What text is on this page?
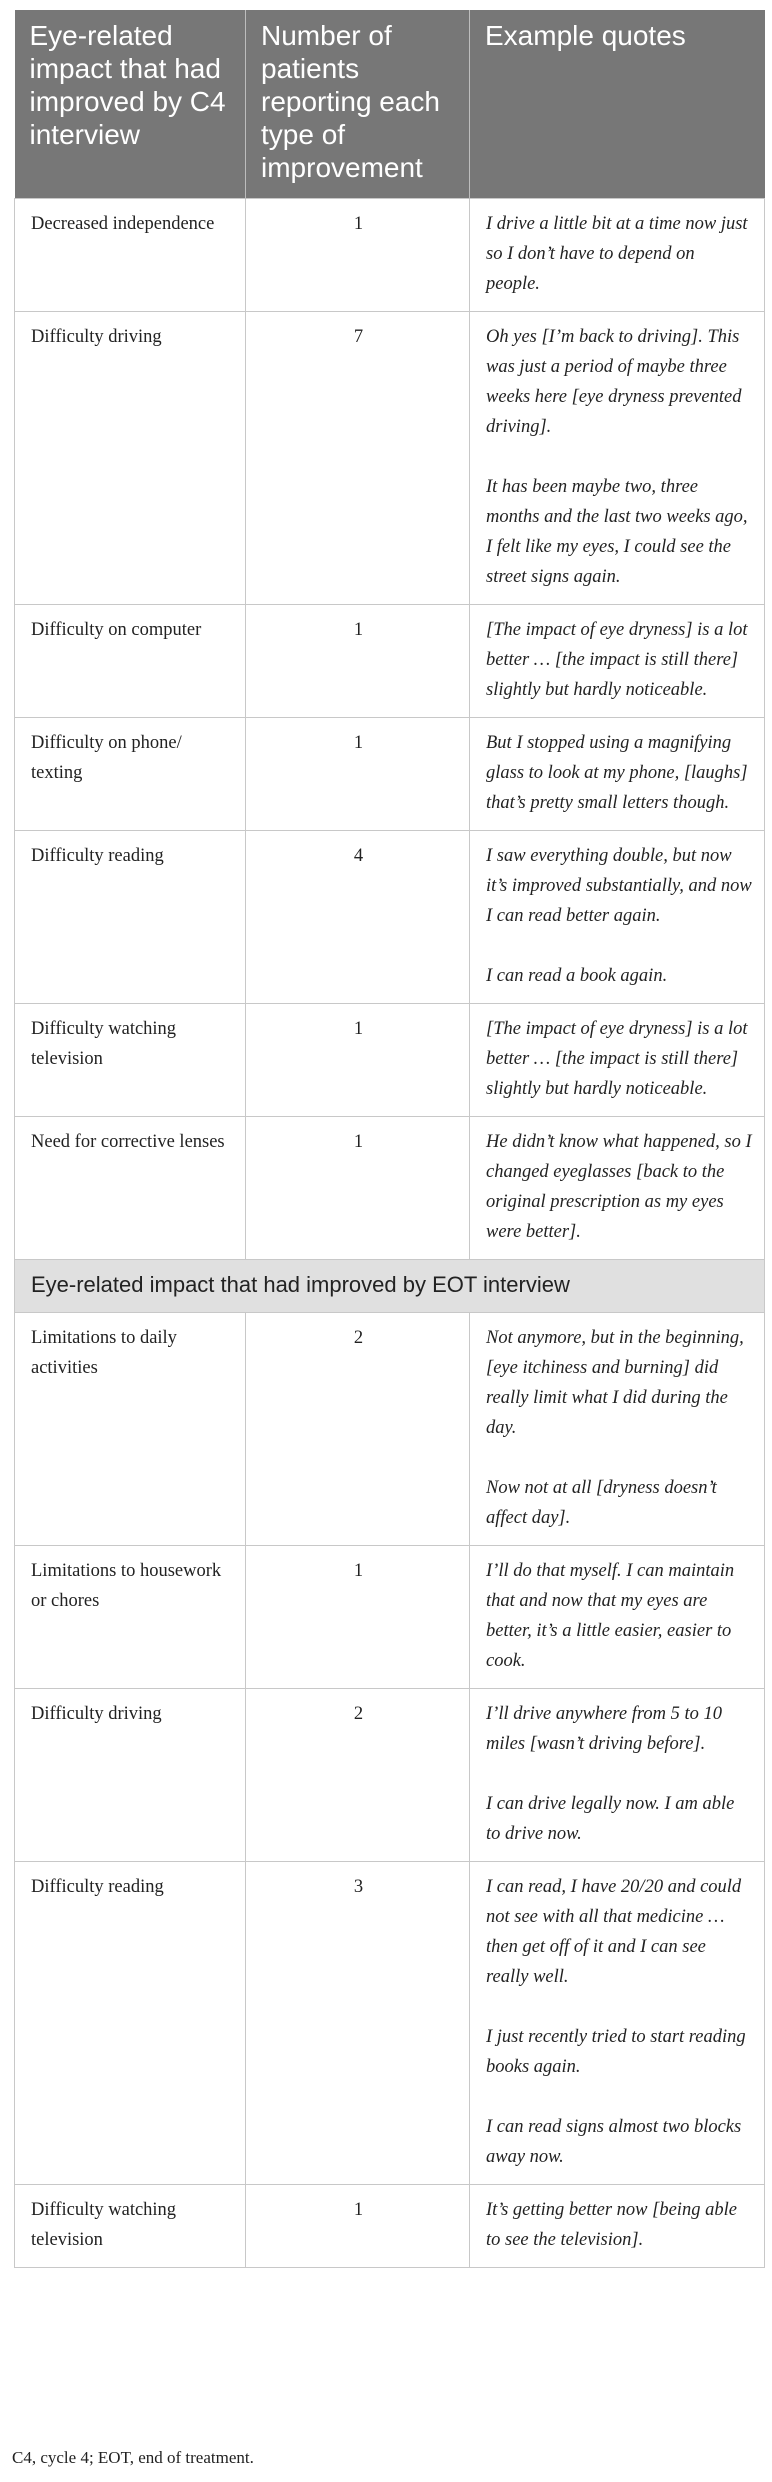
Eye-related impact that had improved by C4 interview	Number of patients reporting each type of improvement	Example quotes
Decreased independence	1	I drive a little bit at a time now just so I don’t have to depend on people.

Difficulty driving	7	Oh yes [I’m back to driving]. This was just a period of maybe three weeks here [eye dryness prevented driving].

It has been maybe two, three months and the last two weeks ago, I felt like my eyes, I could see the street signs again.

Difficulty on computer	1	[The impact of eye dryness] is a lot better … [the impact is still there] slightly but hardly noticeable.

Difficulty on phone/ texting	1	But I stopped using a magnifying glass to look at my phone, [laughs] that’s pretty small letters though.

Difficulty reading	4	I saw everything double, but now it’s improved substantially, and now I can read better again.

I can read a book again.

Difficulty watching television	1	[The impact of eye dryness] is a lot better … [the impact is still there] slightly but hardly noticeable.

Need for corrective lenses	1	He didn’t know what happened, so I changed eyeglasses [back to the original prescription as my eyes were better].

Eye-related impact that had improved by EOT interview		
Limitations to daily activities	2	Not anymore, but in the beginning, [eye itchiness and burning] did really limit what I did during the day.

Now not at all [dryness doesn’t affect day].

Limitations to housework or chores	1	I’ll do that myself. I can maintain that and now that my eyes are better, it’s a little easier, easier to cook.

Difficulty driving	2	I’ll drive anywhere from 5 to 10 miles [wasn’t driving before].

I can drive legally now. I am able to drive now.

Difficulty reading	3	I can read, I have 20/20 and could not see with all that medicine … then get off of it and I can see really well.

I just recently tried to start reading books again.

I can read signs almost two blocks away now.

Difficulty watching television	1	It’s getting better now [being able to see the television].

C4, cycle 4; EOT, end of treatment.
